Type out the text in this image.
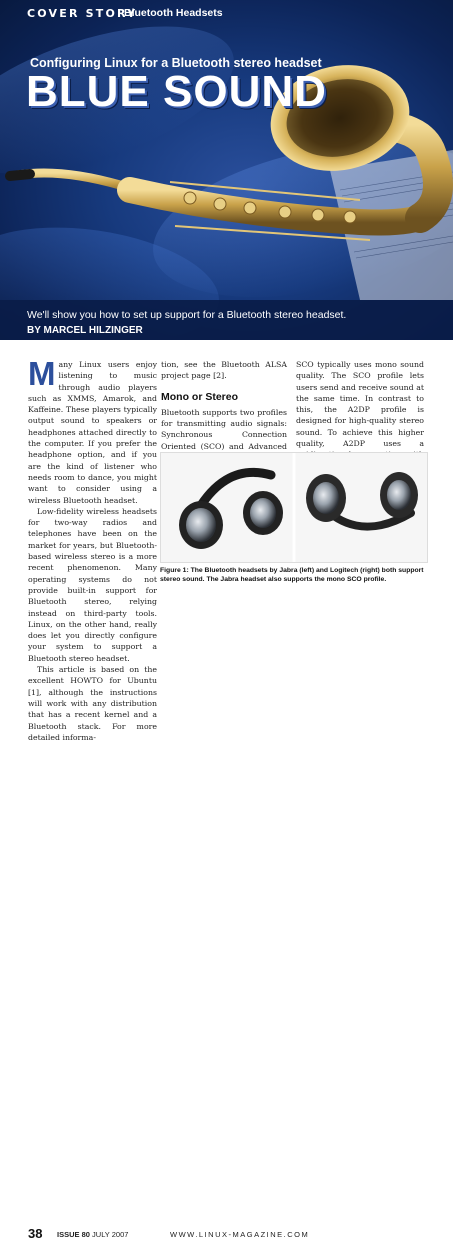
COVER STORY
Bluetooth Headsets
Configuring Linux for a Bluetooth stereo headset
BLUE SOUND
We'll show you how to set up support for a Bluetooth stereo headset.
BY MARCEL HILZINGER

Many Linux users enjoy listening to music through audio players such as XMMS, Amarok, and Kaffeine. These players typically output sound to speakers or headphones attached directly to the computer. If you prefer the headphone option, and if you are the kind of listener who needs room to dance, you might want to consider using a wireless Bluetooth headset.

Low-fidelity wireless headsets for two-way radios and telephones have been on the market for years, but Bluetooth-based wireless stereo is a more recent phenomenon. Many operating systems do not provide built-in support for Bluetooth stereo, relying instead on third-party tools. Linux, on the other hand, really does let you directly configure your system to support a Bluetooth stereo headset.

This article is based on the excellent HOWTO for Ubuntu [1], although the instructions will work with any distribution that has a recent kernel and a Bluetooth stack. For more detailed informa-

tion, see the Bluetooth ALSA project page [2].

Mono or Stereo

Bluetooth supports two profiles for transmitting audio signals: Synchronous Connection Oriented (SCO) and Advanced

SCO typically uses mono sound quality. The SCO profile lets users send and receive sound at the same time. In contrast to this, the A2DP profile is designed for high-quality stereo sound. To achieve this higher quality, A2DP uses a

Figure 1: The Bluetooth headsets by Jabra (left) and Logitech (right) both support stereo sound. The Jabra headset also supports the mono SCO profile.
38 ISSUE 80 JULY 2007	WWW.LINUX-MAGAZINE.COM
